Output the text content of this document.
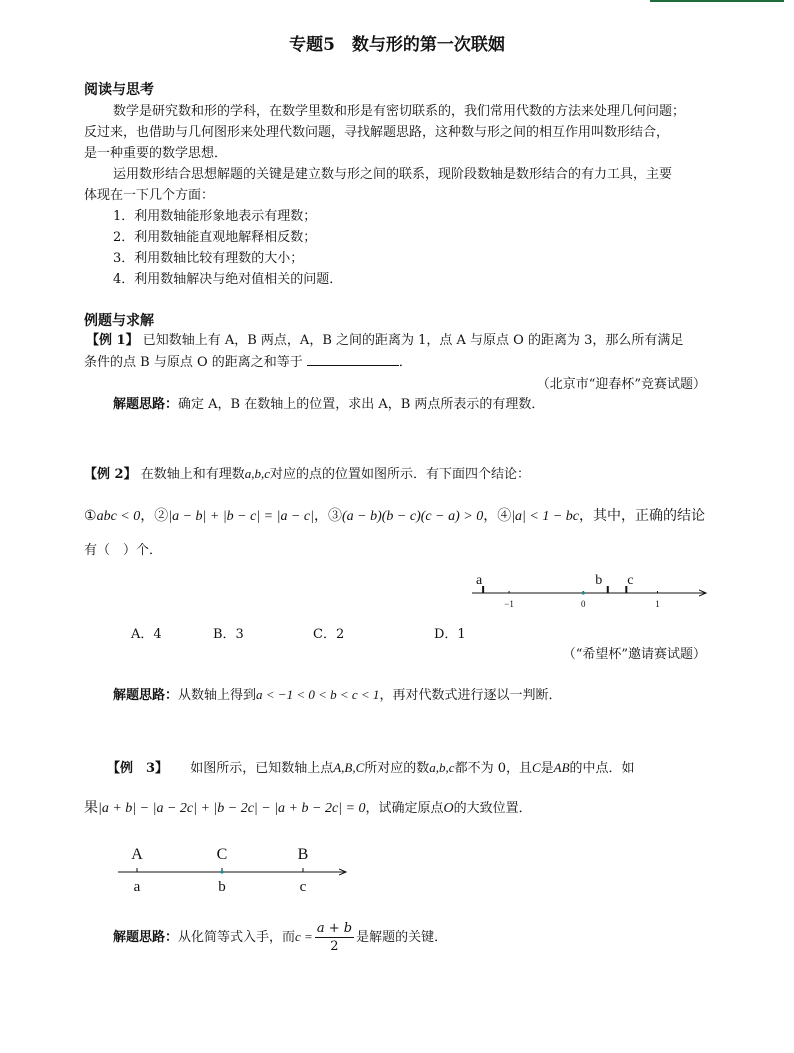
专题5　数与形的第一次联姻
阅读与思考
数学是研究数和形的学科，在数学里数和形是有密切联系的，我们常用代数的方法来处理几何问题；
反过来，也借助与几何图形来处理代数问题，寻找解题思路，这种数与形之间的相互作用叫数形结合，
是一种重要的数学思想．
运用数形结合思想解题的关键是建立数与形之间的联系，现阶段数轴是数形结合的有力工具，主要
体现在一下几个方面：
1．利用数轴能形象地表示有理数；
2．利用数轴能直观地解释相反数；
3．利用数轴比较有理数的大小；
4．利用数轴解决与绝对值相关的问题．
例题与求解
【例 1】 已知数轴上有 A，B 两点，A，B 之间的距离为 1，点 A 与原点 O 的距离为 3，那么所有满足
条件的点 B 与原点 O 的距离之和等于	．
（北京市“迎春杯”竞赛试题）
解题思路：确定 A，B 在数轴上的位置，求出 A，B 两点所表示的有理数．
【例 2】 在数轴上和有理数a,b,c对应的点的位置如图所示．有下面四个结论：
①abc < 0，②|a − b| + |b − c| = |a − c|，③(a − b)(b − c)(c − a) > 0，④|a| < 1 − bc，其中，正确的结论
有（　）个．
−1	0	1
a	b c
A．4	B．3	C．2	D．1
（“希望杯”邀请赛试题）
解题思路：从数轴上得到a < −1 < 0 < b < c < 1，再对代数式进行逐以一判断．
【例　3】 如图所示，已知数轴上点A,B,C所对应的数a,b,c都不为 0，且C是AB的中点．如
果|a + b| − |a − 2c| + |b − 2c| − |a + b − 2c| = 0，试确定原点O的大致位置．
A
a
C
b
B
c
解题思路：从化简等式入手，而$c = \frac{a + b}{2}$ 是解题的关键．
